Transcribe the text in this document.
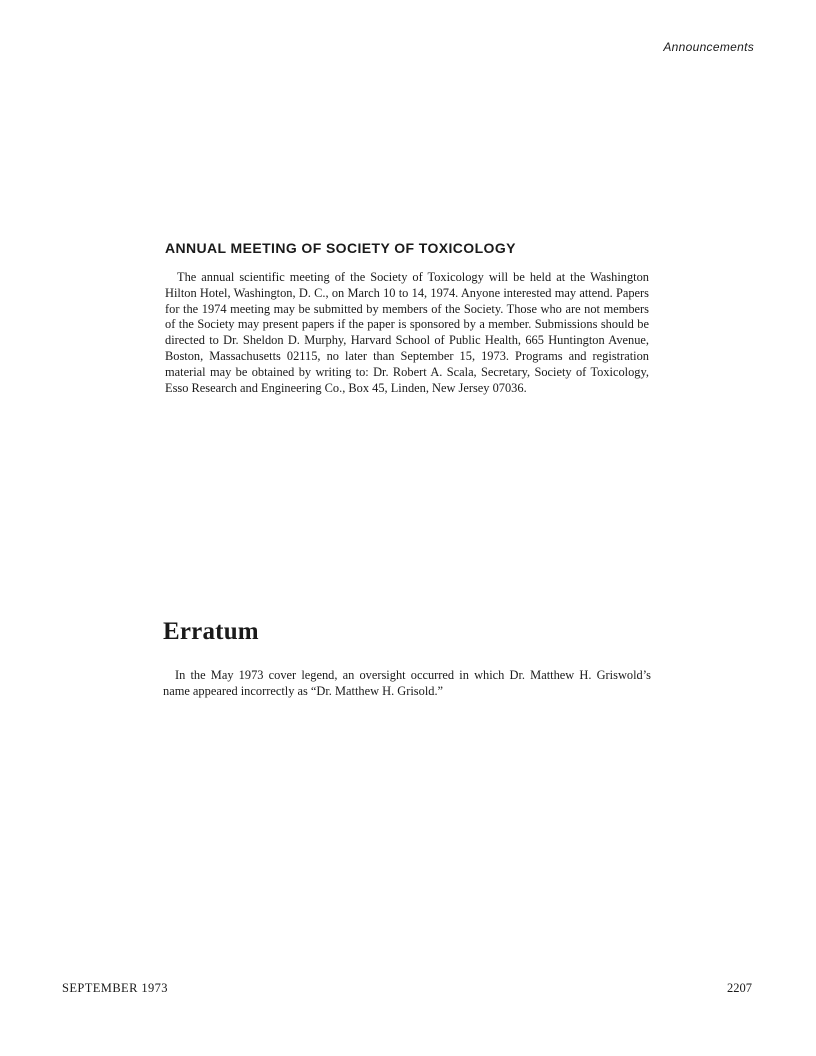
Announcements
ANNUAL MEETING OF SOCIETY OF TOXICOLOGY

The annual scientific meeting of the Society of Toxicology will be held at the Washington Hilton Hotel, Washington, D. C., on March 10 to 14, 1974. Anyone interested may attend. Papers for the 1974 meeting may be submitted by members of the Society. Those who are not members of the Society may present papers if the paper is sponsored by a member. Submissions should be directed to Dr. Sheldon D. Murphy, Harvard School of Public Health, 665 Huntington Avenue, Boston, Massachusetts 02115, no later than September 15, 1973. Programs and registration material may be obtained by writing to: Dr. Robert A. Scala, Secretary, Society of Toxicology, Esso Research and Engineering Co., Box 45, Linden, New Jersey 07036.

Erratum

In the May 1973 cover legend, an oversight occurred in which Dr. Matthew H. Griswold’s name appeared incorrectly as “Dr. Matthew H. Grisold.”

SEPTEMBER 1973	2207
